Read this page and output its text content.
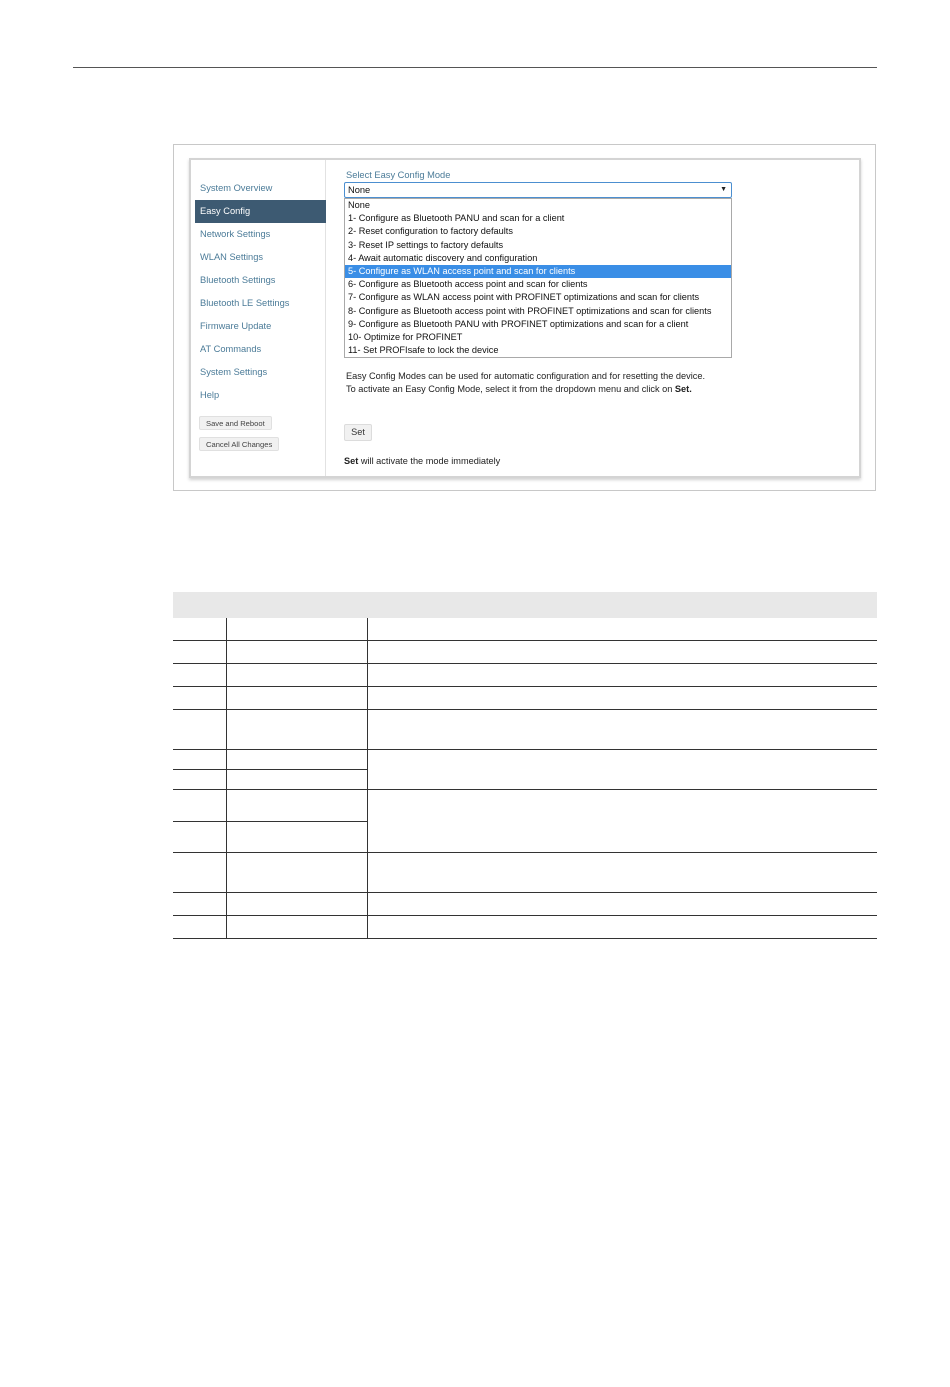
System Overview
Easy Config
Network Settings
WLAN Settings
Bluetooth Settings
Bluetooth LE Settings
Firmware Update
AT Commands
System Settings
Help
Save and Reboot
Cancel All Changes
Select Easy Config Mode
None	▼
None
1- Configure as Bluetooth PANU and scan for a client
2- Reset configuration to factory defaults
3- Reset IP settings to factory defaults
4- Await automatic discovery and configuration
5- Configure as WLAN access point and scan for clients
6- Configure as Bluetooth access point and scan for clients
7- Configure as WLAN access point with PROFINET optimizations and scan for clients
8- Configure as Bluetooth access point with PROFINET optimizations and scan for clients
9- Configure as Bluetooth PANU with PROFINET optimizations and scan for a client
10- Optimize for PROFINET
11- Set PROFIsafe to lock the device
Easy Config Modes can be used for automatic configuration and for resetting the device.
To activate an Easy Config Mode, select it from the dropdown menu and click on Set.
Set
Set will activate the mode immediately
